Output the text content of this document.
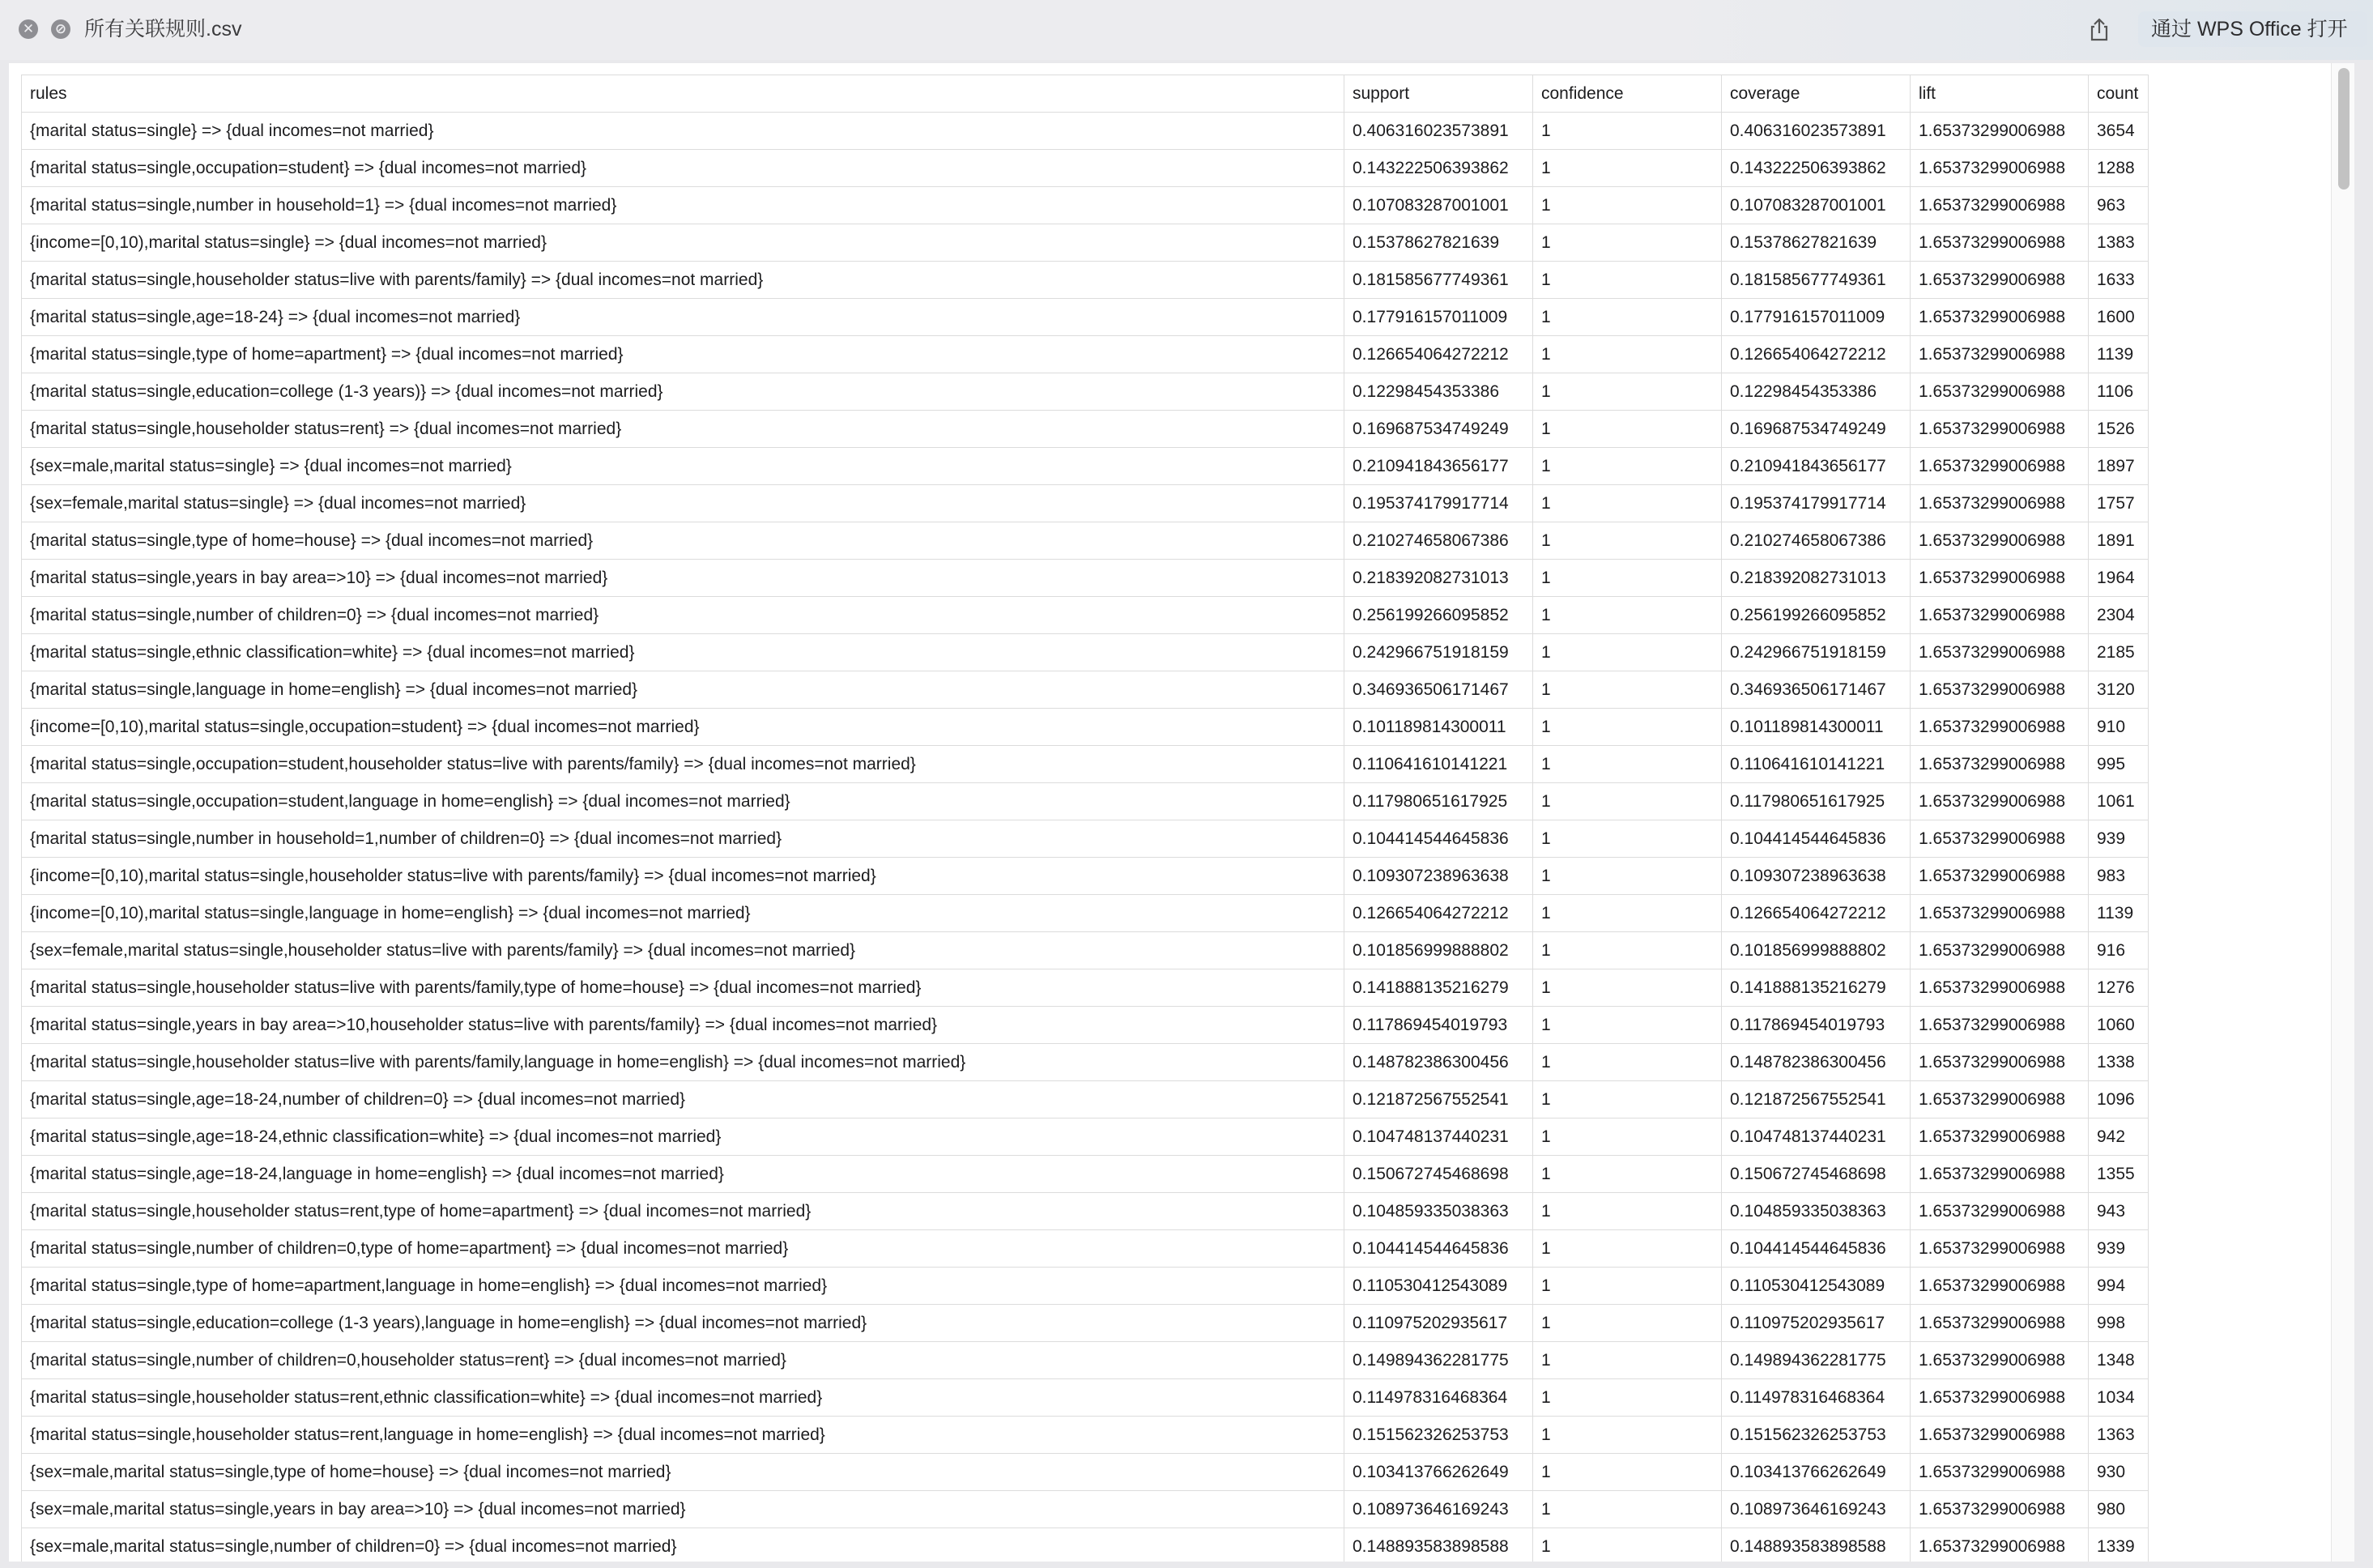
✕ ⊘ 所有关联规则.csv	通过 WPS Office 打开
rules	support	confidence	coverage	lift	count
{marital status=single} => {dual incomes=not married}	0.406316023573891	1	0.406316023573891	1.65373299006988	3654
{marital status=single,occupation=student} => {dual incomes=not married}	0.143222506393862	1	0.143222506393862	1.65373299006988	1288
{marital status=single,number in household=1} => {dual incomes=not married}	0.107083287001001	1	0.107083287001001	1.65373299006988	963
{income=[0,10),marital status=single} => {dual incomes=not married}	0.15378627821639	1	0.15378627821639	1.65373299006988	1383
{marital status=single,householder status=live with parents/family} => {dual incomes=not married}	0.181585677749361	1	0.181585677749361	1.65373299006988	1633
{marital status=single,age=18-24} => {dual incomes=not married}	0.177916157011009	1	0.177916157011009	1.65373299006988	1600
{marital status=single,type of home=apartment} => {dual incomes=not married}	0.126654064272212	1	0.126654064272212	1.65373299006988	1139
{marital status=single,education=college (1-3 years)} => {dual incomes=not married}	0.12298454353386	1	0.12298454353386	1.65373299006988	1106
{marital status=single,householder status=rent} => {dual incomes=not married}	0.169687534749249	1	0.169687534749249	1.65373299006988	1526
{sex=male,marital status=single} => {dual incomes=not married}	0.210941843656177	1	0.210941843656177	1.65373299006988	1897
{sex=female,marital status=single} => {dual incomes=not married}	0.195374179917714	1	0.195374179917714	1.65373299006988	1757
{marital status=single,type of home=house} => {dual incomes=not married}	0.210274658067386	1	0.210274658067386	1.65373299006988	1891
{marital status=single,years in bay area=>10} => {dual incomes=not married}	0.218392082731013	1	0.218392082731013	1.65373299006988	1964
{marital status=single,number of children=0} => {dual incomes=not married}	0.256199266095852	1	0.256199266095852	1.65373299006988	2304
{marital status=single,ethnic classification=white} => {dual incomes=not married}	0.242966751918159	1	0.242966751918159	1.65373299006988	2185
{marital status=single,language in home=english} => {dual incomes=not married}	0.346936506171467	1	0.346936506171467	1.65373299006988	3120
{income=[0,10),marital status=single,occupation=student} => {dual incomes=not married}	0.101189814300011	1	0.101189814300011	1.65373299006988	910
{marital status=single,occupation=student,householder status=live with parents/family} => {dual incomes=not married}	0.110641610141221	1	0.110641610141221	1.65373299006988	995
{marital status=single,occupation=student,language in home=english} => {dual incomes=not married}	0.117980651617925	1	0.117980651617925	1.65373299006988	1061
{marital status=single,number in household=1,number of children=0} => {dual incomes=not married}	0.104414544645836	1	0.104414544645836	1.65373299006988	939
{income=[0,10),marital status=single,householder status=live with parents/family} => {dual incomes=not married}	0.109307238963638	1	0.109307238963638	1.65373299006988	983
{income=[0,10),marital status=single,language in home=english} => {dual incomes=not married}	0.126654064272212	1	0.126654064272212	1.65373299006988	1139
{sex=female,marital status=single,householder status=live with parents/family} => {dual incomes=not married}	0.101856999888802	1	0.101856999888802	1.65373299006988	916
{marital status=single,householder status=live with parents/family,type of home=house} => {dual incomes=not married}	0.141888135216279	1	0.141888135216279	1.65373299006988	1276
{marital status=single,years in bay area=>10,householder status=live with parents/family} => {dual incomes=not married}	0.117869454019793	1	0.117869454019793	1.65373299006988	1060
{marital status=single,householder status=live with parents/family,language in home=english} => {dual incomes=not married}	0.148782386300456	1	0.148782386300456	1.65373299006988	1338
{marital status=single,age=18-24,number of children=0} => {dual incomes=not married}	0.121872567552541	1	0.121872567552541	1.65373299006988	1096
{marital status=single,age=18-24,ethnic classification=white} => {dual incomes=not married}	0.104748137440231	1	0.104748137440231	1.65373299006988	942
{marital status=single,age=18-24,language in home=english} => {dual incomes=not married}	0.150672745468698	1	0.150672745468698	1.65373299006988	1355
{marital status=single,householder status=rent,type of home=apartment} => {dual incomes=not married}	0.104859335038363	1	0.104859335038363	1.65373299006988	943
{marital status=single,number of children=0,type of home=apartment} => {dual incomes=not married}	0.104414544645836	1	0.104414544645836	1.65373299006988	939
{marital status=single,type of home=apartment,language in home=english} => {dual incomes=not married}	0.110530412543089	1	0.110530412543089	1.65373299006988	994
{marital status=single,education=college (1-3 years),language in home=english} => {dual incomes=not married}	0.110975202935617	1	0.110975202935617	1.65373299006988	998
{marital status=single,number of children=0,householder status=rent} => {dual incomes=not married}	0.149894362281775	1	0.149894362281775	1.65373299006988	1348
{marital status=single,householder status=rent,ethnic classification=white} => {dual incomes=not married}	0.114978316468364	1	0.114978316468364	1.65373299006988	1034
{marital status=single,householder status=rent,language in home=english} => {dual incomes=not married}	0.151562326253753	1	0.151562326253753	1.65373299006988	1363
{sex=male,marital status=single,type of home=house} => {dual incomes=not married}	0.103413766262649	1	0.103413766262649	1.65373299006988	930
{sex=male,marital status=single,years in bay area=>10} => {dual incomes=not married}	0.108973646169243	1	0.108973646169243	1.65373299006988	980
{sex=male,marital status=single,number of children=0} => {dual incomes=not married}	0.148893583898588	1	0.148893583898588	1.65373299006988	1339
